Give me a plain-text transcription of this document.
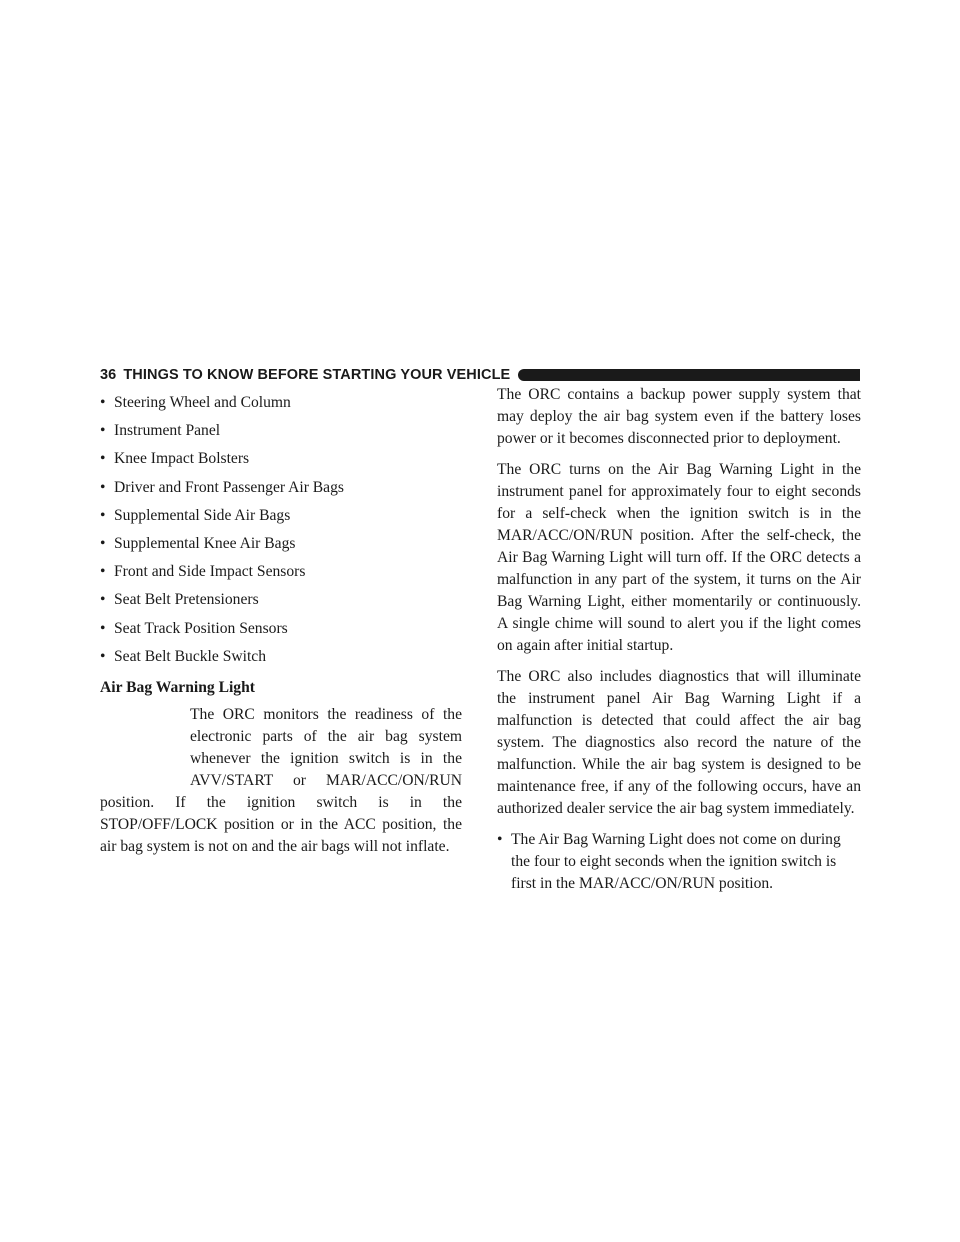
36 THINGS TO KNOW BEFORE STARTING YOUR VEHICLE
• Steering Wheel and Column
• Instrument Panel
• Knee Impact Bolsters
• Driver and Front Passenger Air Bags
• Supplemental Side Air Bags
• Supplemental Knee Air Bags
• Front and Side Impact Sensors
• Seat Belt Pretensioners
• Seat Track Position Sensors
• Seat Belt Buckle Switch
Air Bag Warning Light
The ORC monitors the readiness of the electronic parts of the air bag system whenever the ignition switch is in the AVV/START or MAR/ACC/ON/RUN position. If the ignition switch is in the STOP/OFF/LOCK position or in the ACC position, the air bag system is not on and the air bags will not inflate.

The ORC contains a backup power supply system that may deploy the air bag system even if the battery loses power or it becomes disconnected prior to deployment.

The ORC turns on the Air Bag Warning Light in the instrument panel for approximately four to eight seconds for a self-check when the ignition switch is in the MAR/ACC/ON/RUN position. After the self-check, the Air Bag Warning Light will turn off. If the ORC detects a malfunction in any part of the system, it turns on the Air Bag Warning Light, either momentarily or continuously. A single chime will sound to alert you if the light comes on again after initial startup.

The ORC also includes diagnostics that will illuminate the instrument panel Air Bag Warning Light if a malfunction is detected that could affect the air bag system. The diagnostics also record the nature of the malfunction. While the air bag system is designed to be maintenance free, if any of the following occurs, have an authorized dealer service the air bag system immediately.

• The Air Bag Warning Light does not come on during the four to eight seconds when the ignition switch is first in the MAR/ACC/ON/RUN position.
